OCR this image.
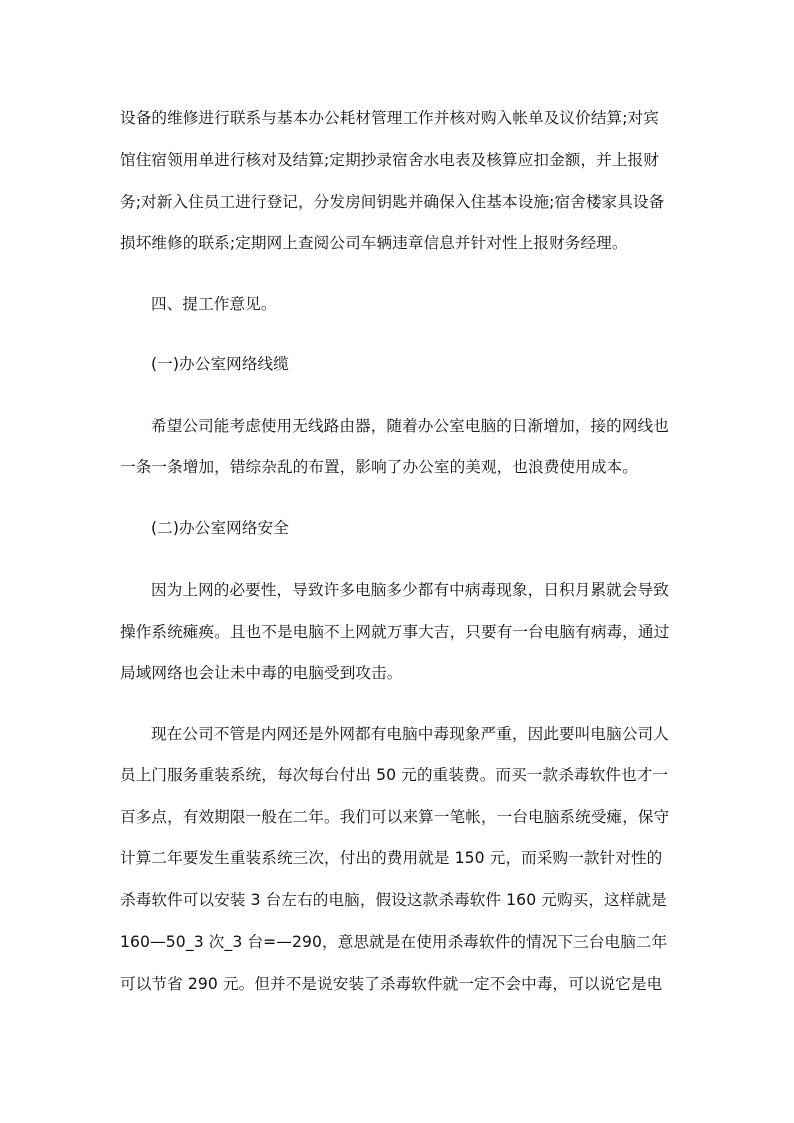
设备的维修进行联系与基本办公耗材管理工作并核对购入帐单及议价结算;对宾
馆住宿领用单进行核对及结算;定期抄录宿舍水电表及核算应扣金额，并上报财
务;对新入住员工进行登记，分发房间钥匙并确保入住基本设施;宿舍楼家具设备
损坏维修的联系;定期网上查阅公司车辆违章信息并针对性上报财务经理。
四、提工作意见。
(一)办公室网络线缆
希望公司能考虑使用无线路由器，随着办公室电脑的日渐增加，接的网线也
一条一条增加，错综杂乱的布置，影响了办公室的美观，也浪费使用成本。
(二)办公室网络安全
因为上网的必要性，导致许多电脑多少都有中病毒现象，日积月累就会导致
操作系统瘫痪。且也不是电脑不上网就万事大吉，只要有一台电脑有病毒，通过
局域网络也会让未中毒的电脑受到攻击。
现在公司不管是内网还是外网都有电脑中毒现象严重，因此要叫电脑公司人
员上门服务重装系统，每次每台付出 50 元的重装费。而买一款杀毒软件也才一
百多点，有效期限一般在二年。我们可以来算一笔帐，一台电脑系统受瘫，保守
计算二年要发生重装系统三次，付出的费用就是 150 元，而采购一款针对性的
杀毒软件可以安装 3 台左右的电脑，假设这款杀毒软件 160 元购买，这样就是
160—50_3 次_3 台=—290，意思就是在使用杀毒软件的情况下三台电脑二年
可以节省 290 元。但并不是说安装了杀毒软件就一定不会中毒，可以说它是电
